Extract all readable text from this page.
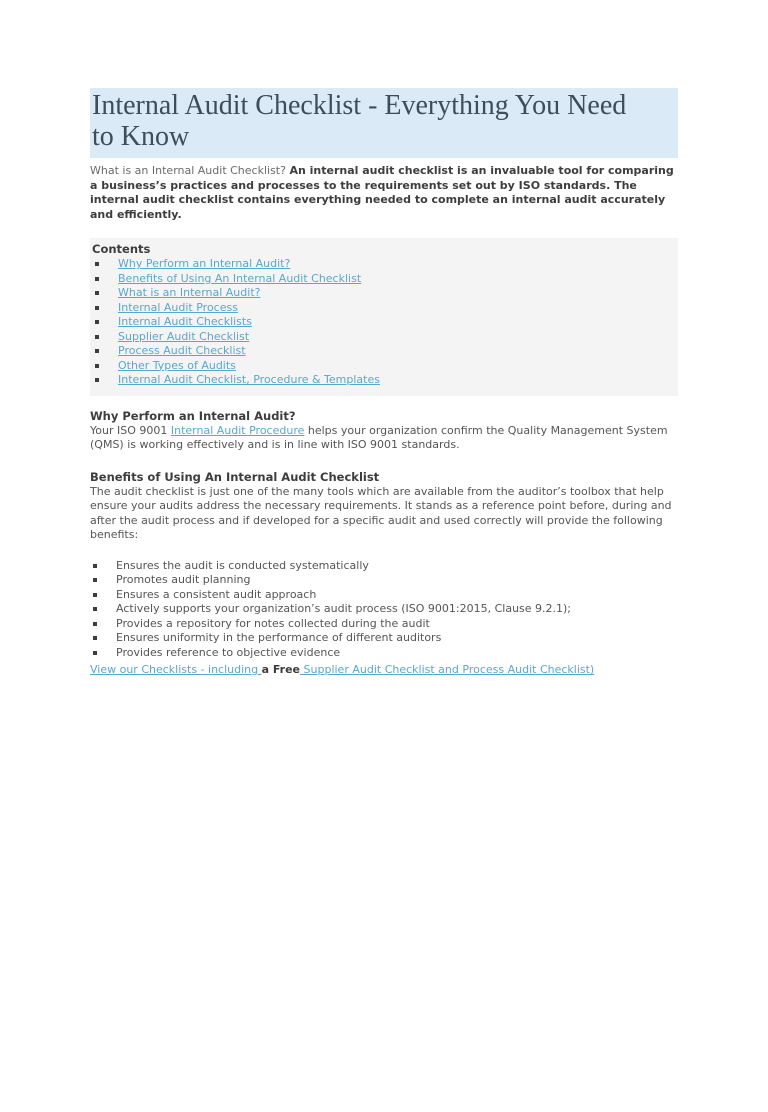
Internal Audit Checklist - Everything You Need to Know

What is an Internal Audit Checklist? An internal audit checklist is an invaluable tool for comparing a business’s practices and processes to the requirements set out by ISO standards. The internal audit checklist contains everything needed to complete an internal audit accurately and efficiently.

Contents
Why Perform an Internal Audit?
Benefits of Using An Internal Audit Checklist
What is an Internal Audit?
Internal Audit Process
Internal Audit Checklists
Supplier Audit Checklist
Process Audit Checklist
Other Types of Audits
Internal Audit Checklist, Procedure & Templates
Why Perform an Internal Audit?

Your ISO 9001 Internal Audit Procedure helps your organization confirm the Quality Management System (QMS) is working effectively and is in line with ISO 9001 standards.

Benefits of Using An Internal Audit Checklist

The audit checklist is just one of the many tools which are available from the auditor’s toolbox that help ensure your audits address the necessary requirements. It stands as a reference point before, during and after the audit process and if developed for a specific audit and used correctly will provide the following benefits:

Ensures the audit is conducted systematically
Promotes audit planning
Ensures a consistent audit approach
Actively supports your organization’s audit process (ISO 9001:2015, Clause 9.2.1);
Provides a repository for notes collected during the audit
Ensures uniformity in the performance of different auditors
Provides reference to objective evidence

View our Checklists - including a Free Supplier Audit Checklist and Process Audit Checklist)
